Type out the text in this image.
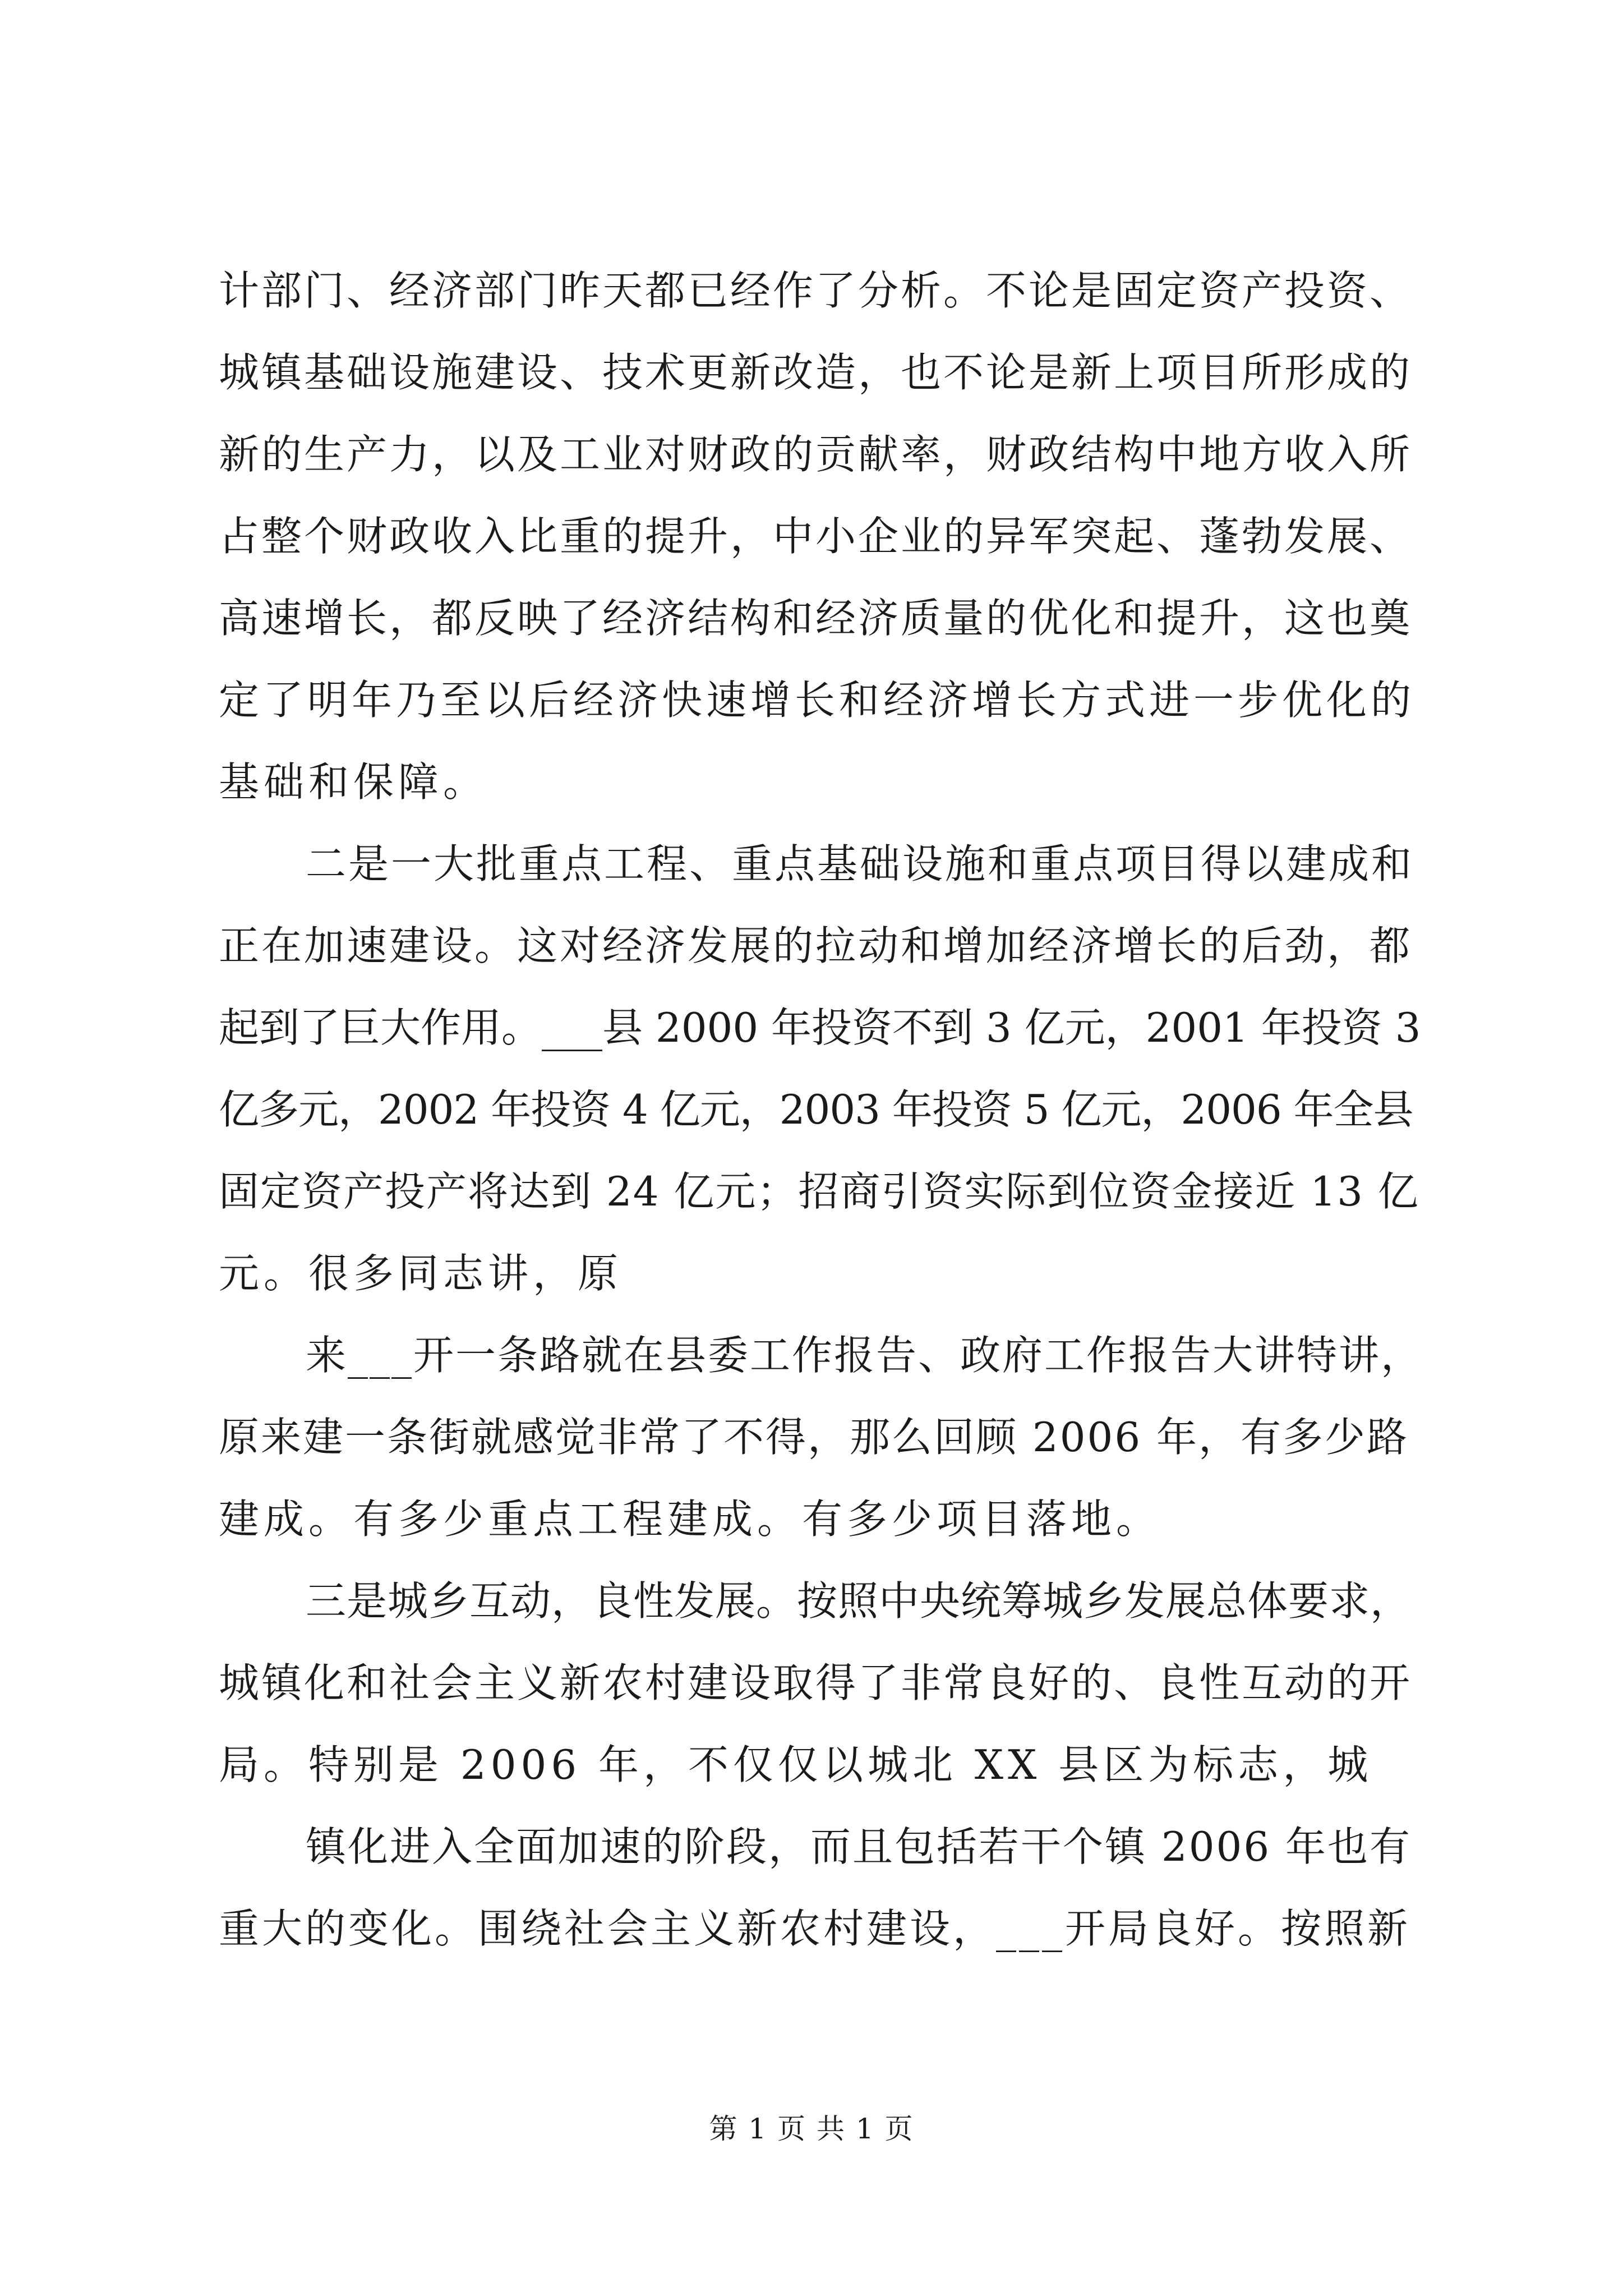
计部门、经济部门昨天都已经作了分析。不论是固定资产投资、
城镇基础设施建设、技术更新改造，也不论是新上项目所形成的
新的生产力，以及工业对财政的贡献率，财政结构中地方收入所
占整个财政收入比重的提升，中小企业的异军突起、蓬勃发展、
高速增长，都反映了经济结构和经济质量的优化和提升，这也奠
定了明年乃至以后经济快速增长和经济增长方式进一步优化的
基础和保障。
二是一大批重点工程、重点基础设施和重点项目得以建成和
正在加速建设。这对经济发展的拉动和增加经济增长的后劲，都
起到了巨大作用。___县 2000 年投资不到 3 亿元，2001 年投资 3
亿多元，2002 年投资 4 亿元，2003 年投资 5 亿元，2006 年全县
固定资产投产将达到 24 亿元；招商引资实际到位资金接近 13 亿
元。很多同志讲，原
来___开一条路就在县委工作报告、政府工作报告大讲特讲，
原来建一条街就感觉非常了不得，那么回顾 2006 年，有多少路
建成。有多少重点工程建成。有多少项目落地。
三是城乡互动，良性发展。按照中央统筹城乡发展总体要求，
城镇化和社会主义新农村建设取得了非常良好的、良性互动的开
局。特别是 2006 年，不仅仅以城北 XX 县区为标志，城
镇化进入全面加速的阶段，而且包括若干个镇 2006 年也有
重大的变化。围绕社会主义新农村建设，___开局良好。按照新
第 1 页 共 1 页
